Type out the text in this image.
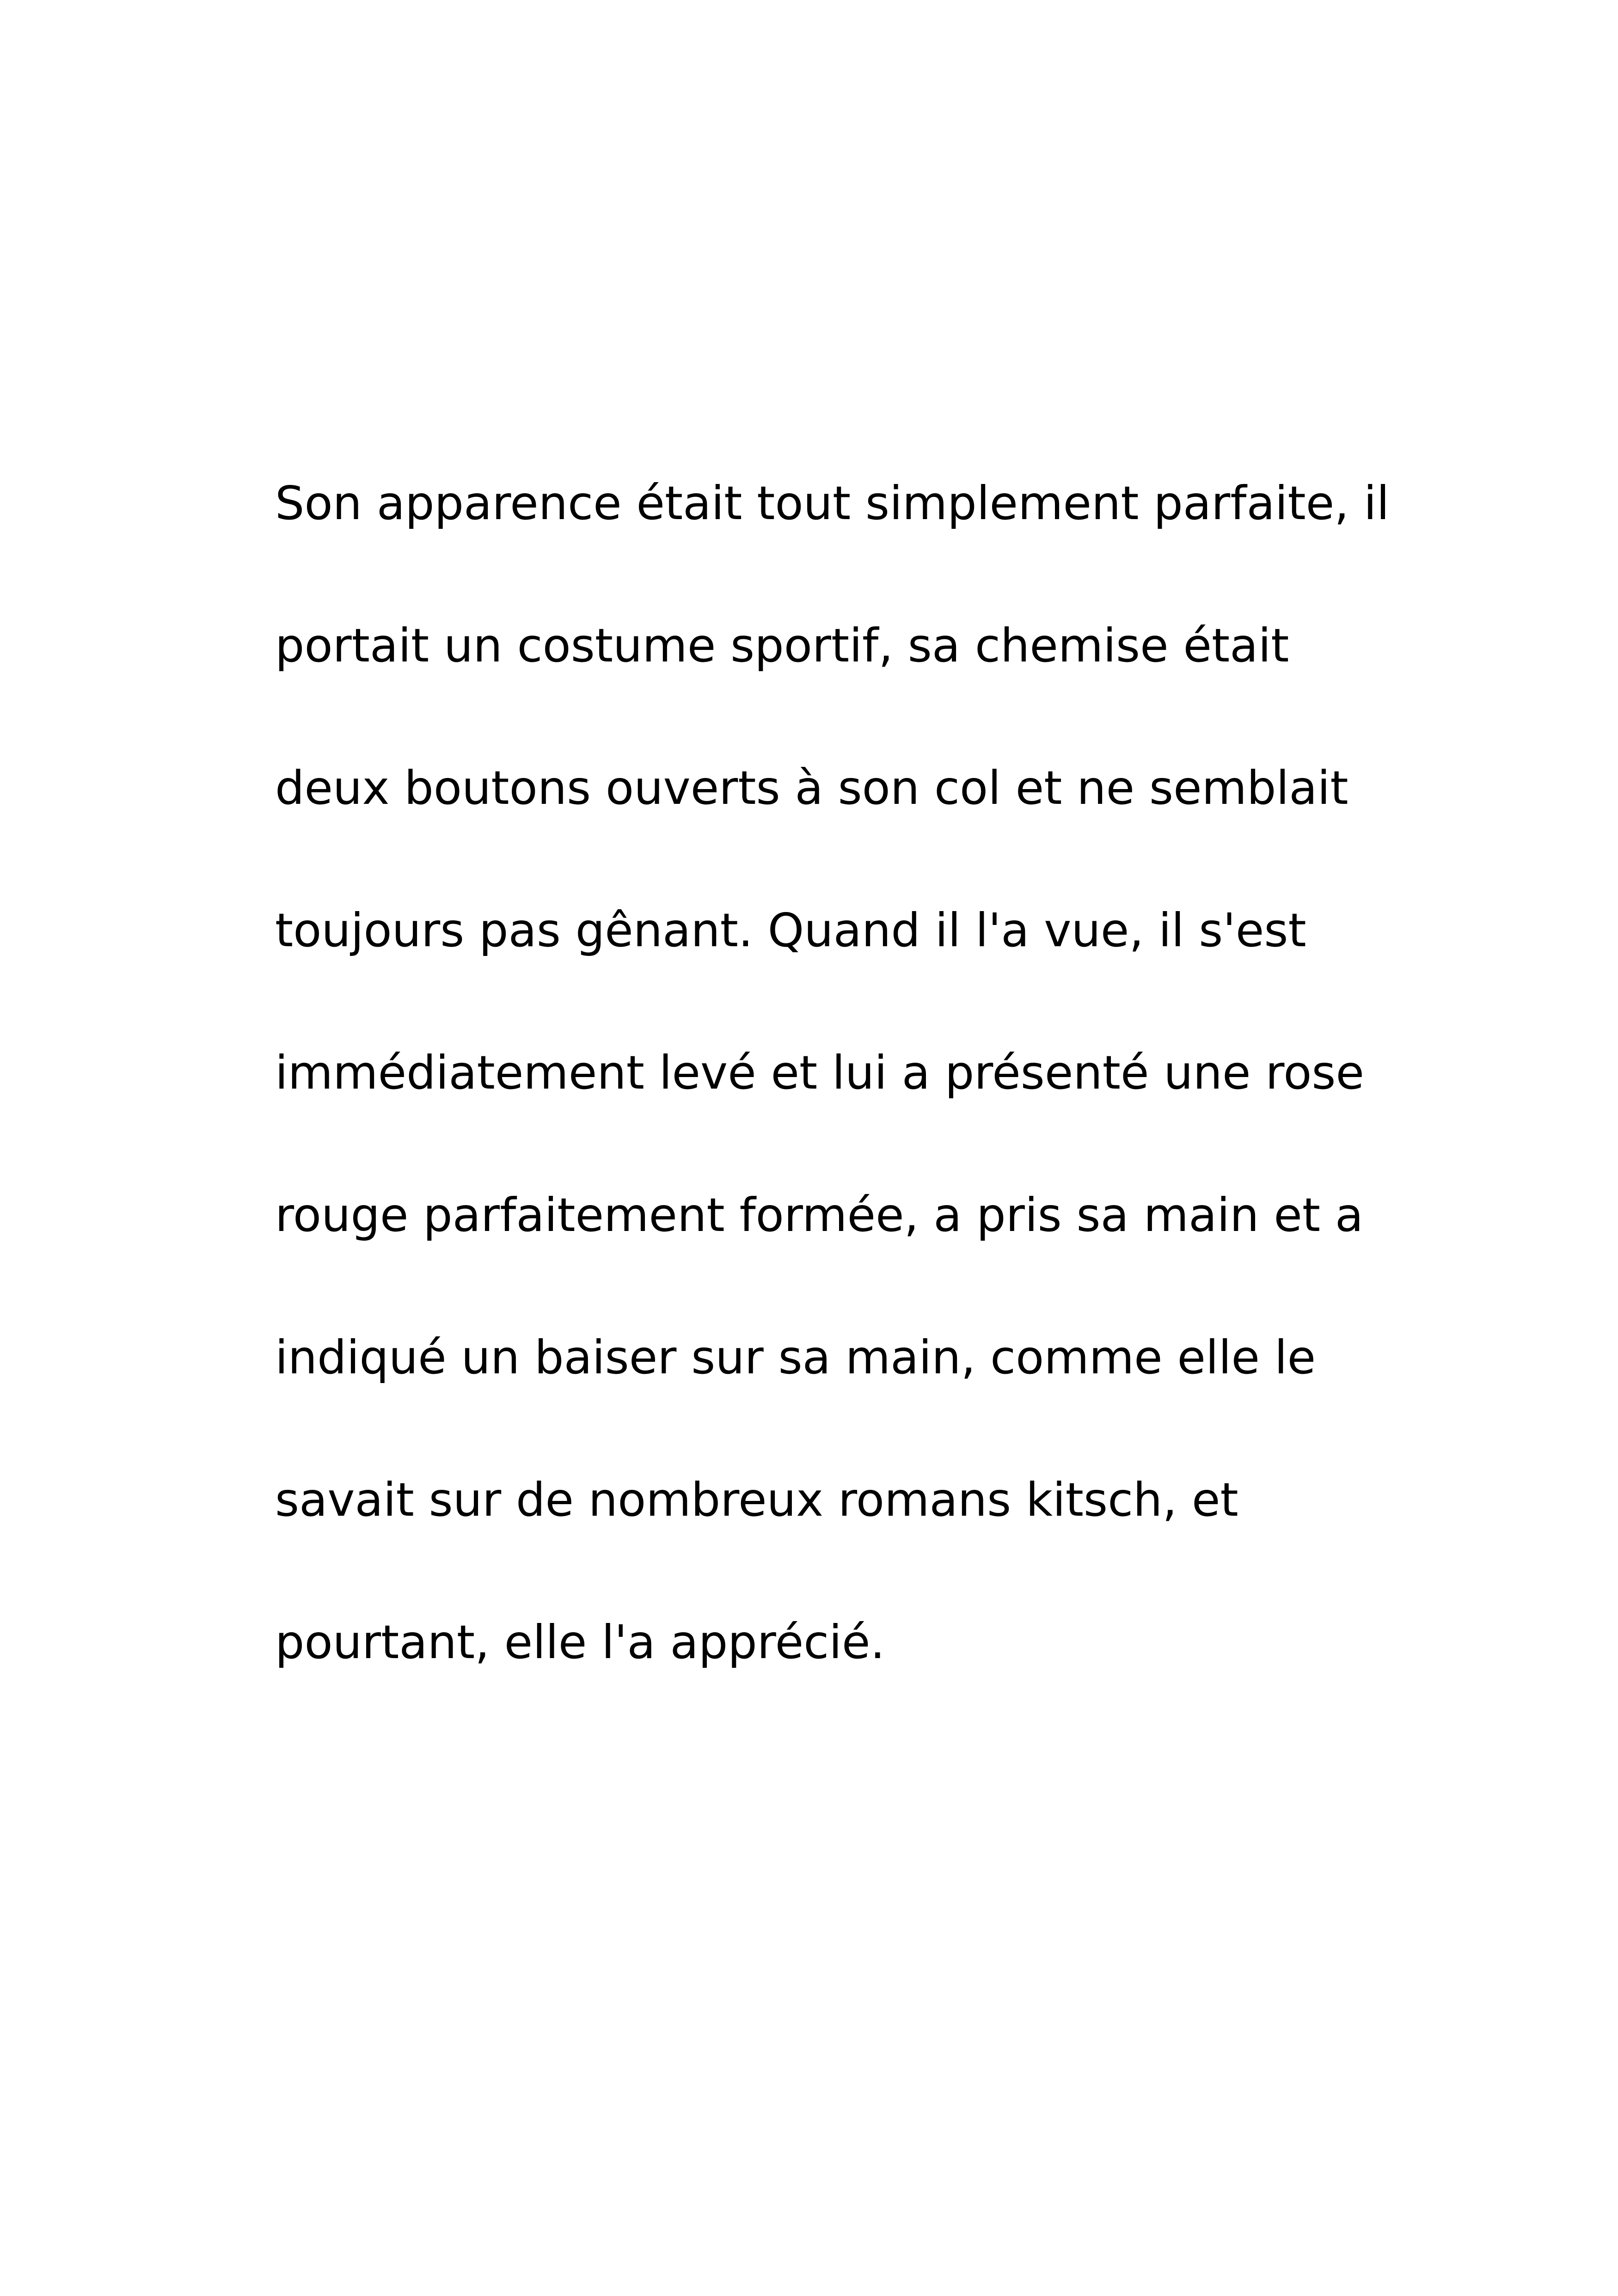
Son apparence était tout simplement parfaite, il
portait un costume sportif, sa chemise était
deux boutons ouverts à son col et ne semblait
toujours pas gênant. Quand il l'a vue, il s'est
immédiatement levé et lui a présenté une rose
rouge parfaitement formée, a pris sa main et a
indiqué un baiser sur sa main, comme elle le
savait sur de nombreux romans kitsch, et
pourtant, elle l'a apprécié.
